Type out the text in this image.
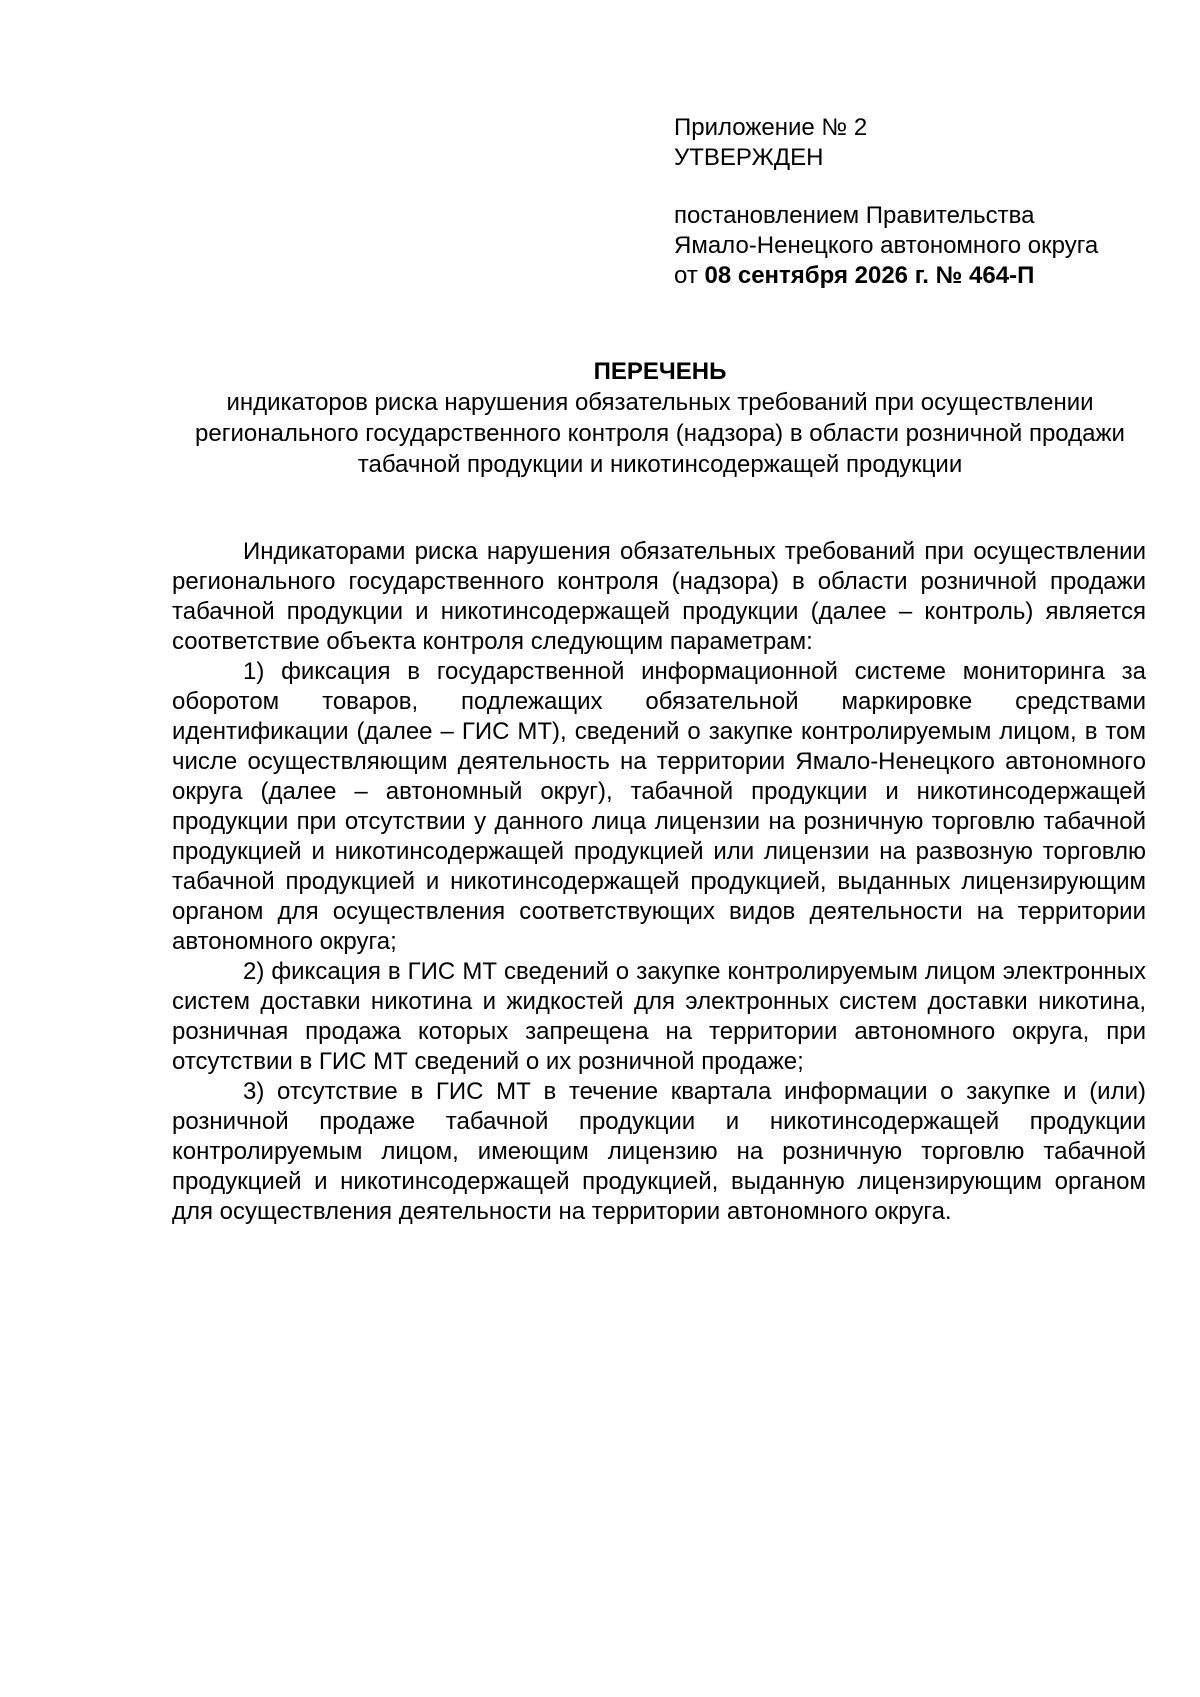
Приложение № 2
УТВЕРЖДЕН
постановлением Правительства
Ямало-Ненецкого автономного округа
от 08 сентября 2026 г. № 464-П
ПЕРЕЧЕНЬ
индикаторов риска нарушения обязательных требований при осуществлении регионального государственного контроля (надзора) в области розничной продажи табачной продукции и никотинсодержащей продукции

Индикаторами риска нарушения обязательных требований при осуществлении регионального государственного контроля (надзора) в области розничной продажи табачной продукции и никотинсодержащей продукции (далее – контроль) является соответствие объекта контроля следующим параметрам:

1) фиксация в государственной информационной системе мониторинга за оборотом товаров, подлежащих обязательной маркировке средствами идентификации (далее – ГИС МТ), сведений о закупке контролируемым лицом, в том числе осуществляющим деятельность на территории Ямало-Ненецкого автономного округа (далее – автономный округ), табачной продукции и никотинсодержащей продукции при отсутствии у данного лица лицензии на розничную торговлю табачной продукцией и никотинсодержащей продукцией или лицензии на развозную торговлю табачной продукцией и никотинсодержащей продукцией, выданных лицензирующим органом для осуществления соответствующих видов деятельности на территории автономного округа;

2) фиксация в ГИС МТ сведений о закупке контролируемым лицом электронных систем доставки никотина и жидкостей для электронных систем доставки никотина, розничная продажа которых запрещена на территории автономного округа, при отсутствии в ГИС МТ сведений о их розничной продаже;

3) отсутствие в ГИС МТ в течение квартала информации о закупке и (или) розничной продаже табачной продукции и никотинсодержащей продукции контролируемым лицом, имеющим лицензию на розничную торговлю табачной продукцией и никотинсодержащей продукцией, выданную лицензирующим органом для осуществления деятельности на территории автономного округа.
